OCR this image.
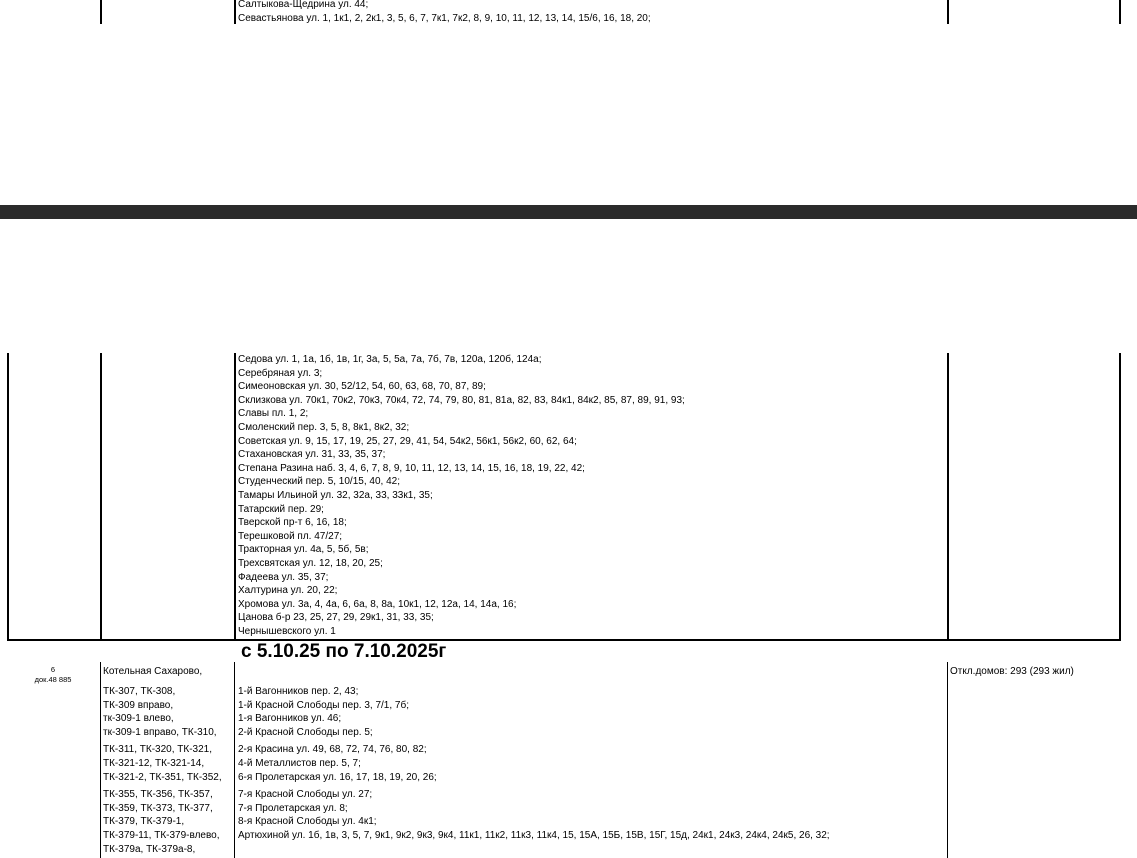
Салтыкова-Щедрина ул. 44;
Севастьянова ул. 1, 1к1, 2, 2к1, 3, 5, 6, 7, 7к1, 7к2, 8, 9, 10, 11, 12, 13, 14, 15/6, 16, 18, 20;
Седова ул. 1, 1а, 1б, 1в, 1г, 3а, 5, 5а, 7а, 7б, 7в, 120а, 120б, 124а;
Серебряная ул. 3;
Симеоновская ул. 30, 52/12, 54, 60, 63, 68, 70, 87, 89;
Склизкова ул. 70к1, 70к2, 70к3, 70к4, 72, 74, 79, 80, 81, 81а, 82, 83, 84к1, 84к2, 85, 87, 89, 91, 93;
Славы пл. 1, 2;
Смоленский пер. 3, 5, 8, 8к1, 8к2, 32;
Советская ул. 9, 15, 17, 19, 25, 27, 29, 41, 54, 54к2, 56к1, 56к2, 60, 62, 64;
Стахановская ул. 31, 33, 35, 37;
Степана Разина наб. 3, 4, 6, 7, 8, 9, 10, 11, 12, 13, 14, 15, 16, 18, 19, 22, 42;
Студенческий пер. 5, 10/15, 40, 42;
Тамары Ильиной ул. 32, 32а, 33, 33к1, 35;
Татарский пер. 29;
Тверской пр-т 6, 16, 18;
Терешковой пл. 47/27;
Тракторная ул. 4а, 5, 5б, 5в;
Трехсвятская ул. 12, 18, 20, 25;
Фадеева ул. 35, 37;
Халтурина ул. 20, 22;
Хромова ул. 3а, 4, 4а, 6, 6а, 8, 8а, 10к1, 12, 12а, 14, 14а, 16;
Цанова б-р 23, 25, 27, 29, 29к1, 31, 33, 35;
Чернышевского ул. 1
с 5.10.25 по 7.10.2025г
6
док.48 885
Котельная Сахарово,	Откл.домов: 293 (293 жил)
ТК-307, ТК-308,
ТК-309 вправо,
тк-309-1 влево,
тк-309-1 вправо, ТК-310,
ТК-311, ТК-320, ТК-321,
ТК-321-12, ТК-321-14,
ТК-321-2, ТК-351, ТК-352,
ТК-355, ТК-356, ТК-357,
ТК-359, ТК-373, ТК-377,
ТК-379, ТК-379-1,
ТК-379-11, ТК-379-влево,
ТК-379а, ТК-379а-8,
1-й Вагонников пер. 2, 43;
1-й Красной Слободы пер. 3, 7/1, 7б;
1-я Вагонников ул. 46;
2-й Красной Слободы пер. 5;
2-я Красина ул. 49, 68, 72, 74, 76, 80, 82;
4-й Металлистов пер. 5, 7;
6-я Пролетарская ул. 16, 17, 18, 19, 20, 26;
7-я Красной Слободы ул. 27;
7-я Пролетарская ул. 8;
8-я Красной Слободы ул. 4к1;
Артюхиной ул. 1б, 1в, 3, 5, 7, 9к1, 9к2, 9к3, 9к4, 11к1, 11к2, 11к3, 11к4, 15, 15А, 15Б, 15В, 15Г, 15д, 24к1, 24к3, 24к4, 24к5, 26, 32;
